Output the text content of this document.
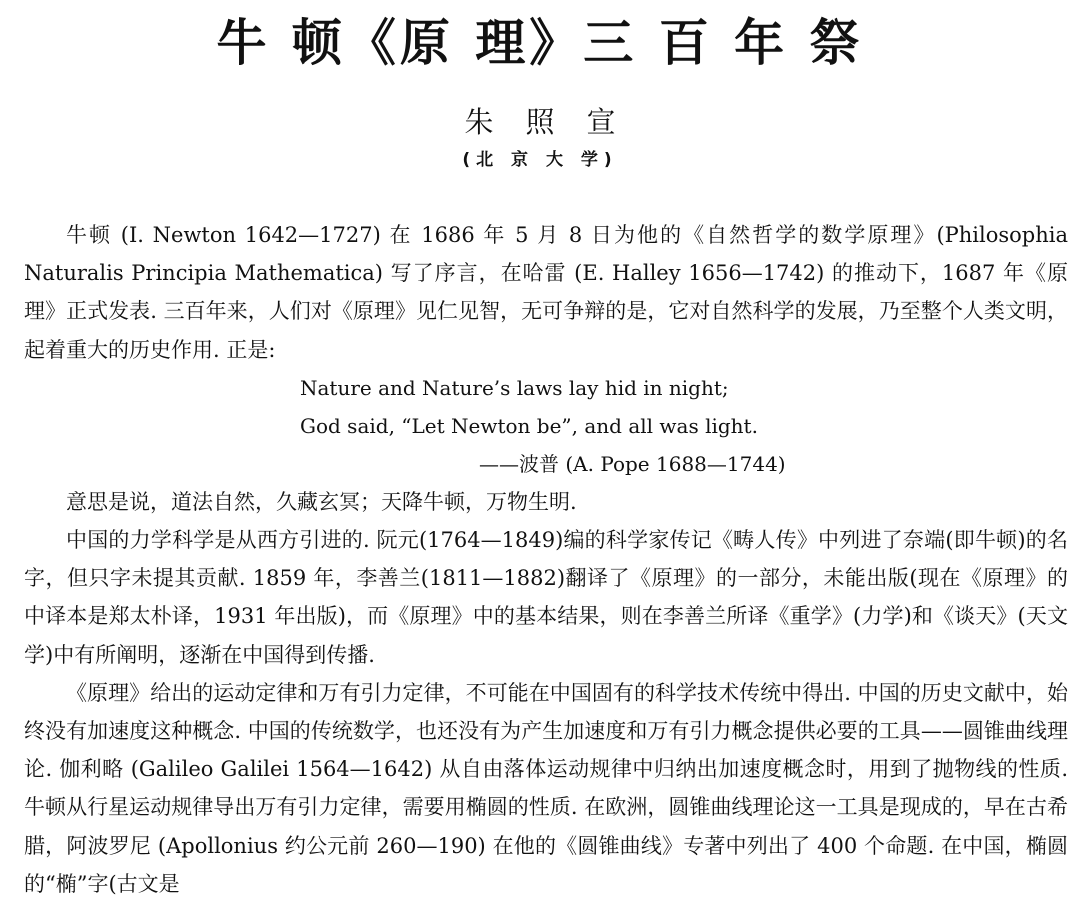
牛 顿《原 理》三 百 年 祭
朱照宣
(北 京 大 学)

牛顿 (I. Newton 1642—1727) 在 1686 年 5 月 8 日为他的《自然哲学的数学原理》(Philosophia Naturalis Principia Mathematica) 写了序言，在哈雷 (E. Halley 1656—1742) 的推动下，1687 年《原理》正式发表. 三百年来，人们对《原理》见仁见智，无可争辩的是，它对自然科学的发展，乃至整个人类文明，起着重大的历史作用. 正是:

Nature and Nature’s laws lay hid in night;
God said, “Let Newton be”, and all was light.
——波普 (A. Pope 1688—1744)

意思是说，道法自然，久藏玄冥；天降牛顿，万物生明.

中国的力学科学是从西方引进的. 阮元(1764—1849)编的科学家传记《畴人传》中列进了奈端(即牛顿)的名字，但只字未提其贡献. 1859 年，李善兰(1811—1882)翻译了《原理》的一部分，未能出版(现在《原理》的中译本是郑太朴译，1931 年出版)，而《原理》中的基本结果，则在李善兰所译《重学》(力学)和《谈天》(天文学)中有所阐明，逐渐在中国得到传播.

《原理》给出的运动定律和万有引力定律，不可能在中国固有的科学技术传统中得出. 中国的历史文献中，始终没有加速度这种概念. 中国的传统数学，也还没有为产生加速度和万有引力概念提供必要的工具——圆锥曲线理论. 伽利略 (Galileo Galilei 1564—1642) 从自由落体运动规律中归纳出加速度概念时，用到了抛物线的性质. 牛顿从行星运动规律导出万有引力定律，需要用椭圆的性质. 在欧洲，圆锥曲线理论这一工具是现成的，早在古希腊，阿波罗尼 (Apollonius 约公元前 260—190) 在他的《圆锥曲线》专著中列出了 400 个命题. 在中国，椭圆的“椭”字(古文是
